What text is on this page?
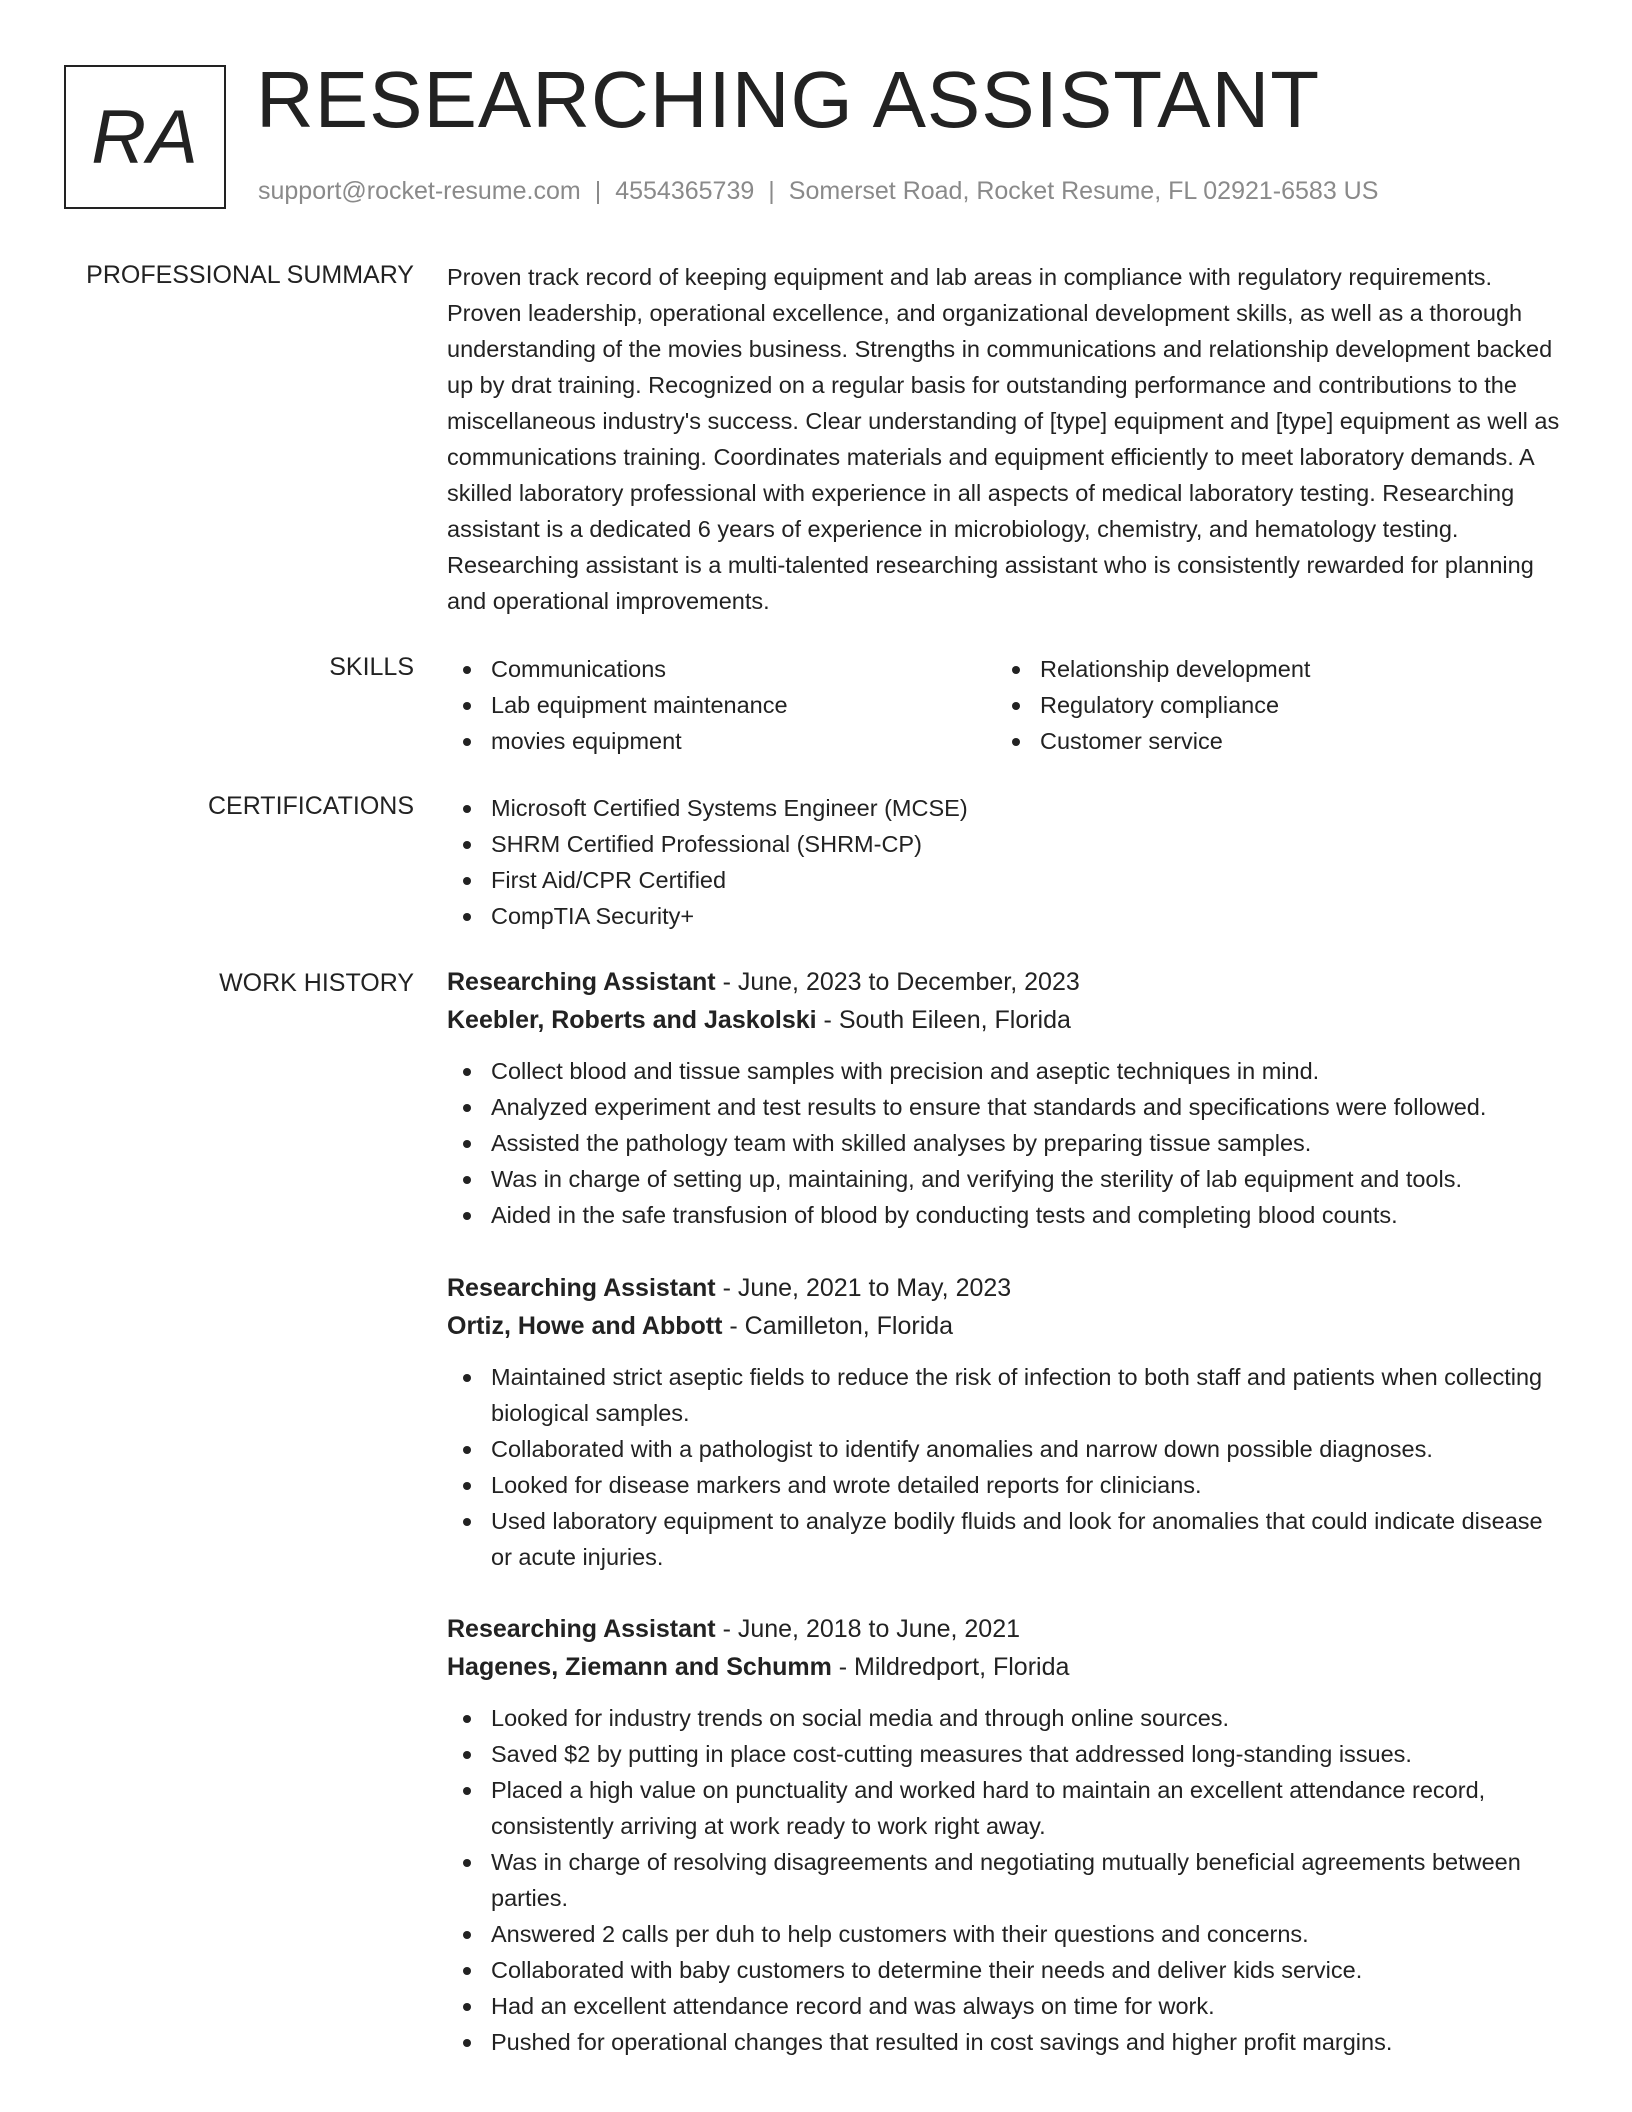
RA RESEARCHING ASSISTANT
support@rocket-resume.com | 4554365739 | Somerset Road, Rocket Resume, FL 02921-6583 US
PROFESSIONAL SUMMARY Proven track record of keeping equipment and lab areas in compliance with regulatory requirements. Proven leadership, operational excellence, and organizational development skills, as well as a thorough understanding of the movies business. Strengths in communications and relationship development backed up by drat training. Recognized on a regular basis for outstanding performance and contributions to the miscellaneous industry's success. Clear understanding of [type] equipment and [type] equipment as well as communications training. Coordinates materials and equipment efficiently to meet laboratory demands. A skilled laboratory professional with experience in all aspects of medical laboratory testing. Researching assistant is a dedicated 6 years of experience in microbiology, chemistry, and hematology testing. Researching assistant is a multi-talented researching assistant who is consistently rewarded for planning and operational improvements.
SKILLS	Communications	Relationship development
Lab equipment maintenance	Regulatory compliance
movies equipment	Customer service
CERTIFICATIONS	Microsoft Certified Systems Engineer (MCSE)
SHRM Certified Professional (SHRM-CP)
First Aid/CPR Certified
CompTIA Security+
WORK HISTORY Researching Assistant - June, 2023 to December, 2023
Keebler, Roberts and Jaskolski - South Eileen, Florida
Collect blood and tissue samples with precision and aseptic techniques in mind.
Analyzed experiment and test results to ensure that standards and specifications were followed.
Assisted the pathology team with skilled analyses by preparing tissue samples.
Was in charge of setting up, maintaining, and verifying the sterility of lab equipment and tools.
Aided in the safe transfusion of blood by conducting tests and completing blood counts.
Researching Assistant - June, 2021 to May, 2023
Ortiz, Howe and Abbott - Camilleton, Florida
Maintained strict aseptic fields to reduce the risk of infection to both staff and patients when collecting biological samples.
Collaborated with a pathologist to identify anomalies and narrow down possible diagnoses.
Looked for disease markers and wrote detailed reports for clinicians.
Used laboratory equipment to analyze bodily fluids and look for anomalies that could indicate disease or acute injuries.
Researching Assistant - June, 2018 to June, 2021
Hagenes, Ziemann and Schumm - Mildredport, Florida
Looked for industry trends on social media and through online sources.
Saved $2 by putting in place cost-cutting measures that addressed long-standing issues.
Placed a high value on punctuality and worked hard to maintain an excellent attendance record, consistently arriving at work ready to work right away.
Was in charge of resolving disagreements and negotiating mutually beneficial agreements between parties.
Answered 2 calls per duh to help customers with their questions and concerns.
Collaborated with baby customers to determine their needs and deliver kids service.
Had an excellent attendance record and was always on time for work.
Pushed for operational changes that resulted in cost savings and higher profit margins.
